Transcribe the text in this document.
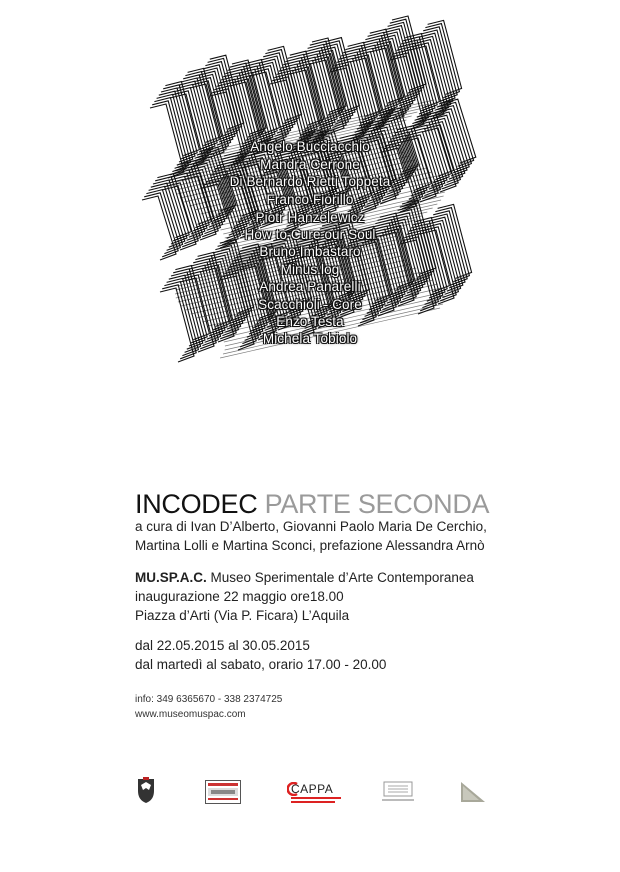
Angelo Bucciacchio
Mandra Cerrone
Di Bernardo Rietti Toppeta
Franco Fiorillo
Piotr Hanzelewicz
How to Cure our Soul
Bruno Imbastaro
Minus.log
Andrea Panarelli
Scacchioli - Core
Enzo Testa
Michela Tobiolo
INCODEC PARTE SECONDA
a cura di Ivan D’Alberto, Giovanni Paolo Maria De Cerchio,
Martina Lolli e Martina Sconci, prefazione Alessandra Arnò
MU.SP.A.C. Museo Sperimentale d’Arte Contemporanea
inaugurazione 22 maggio ore18.00
Piazza d’Arti (Via P. Ficara) L’Aquila
dal 22.05.2015 al 30.05.2015
dal martedì al sabato, orario 17.00 - 20.00
info: 349 6365670 - 338 2374725
www.museomuspac.com
CAPPA
